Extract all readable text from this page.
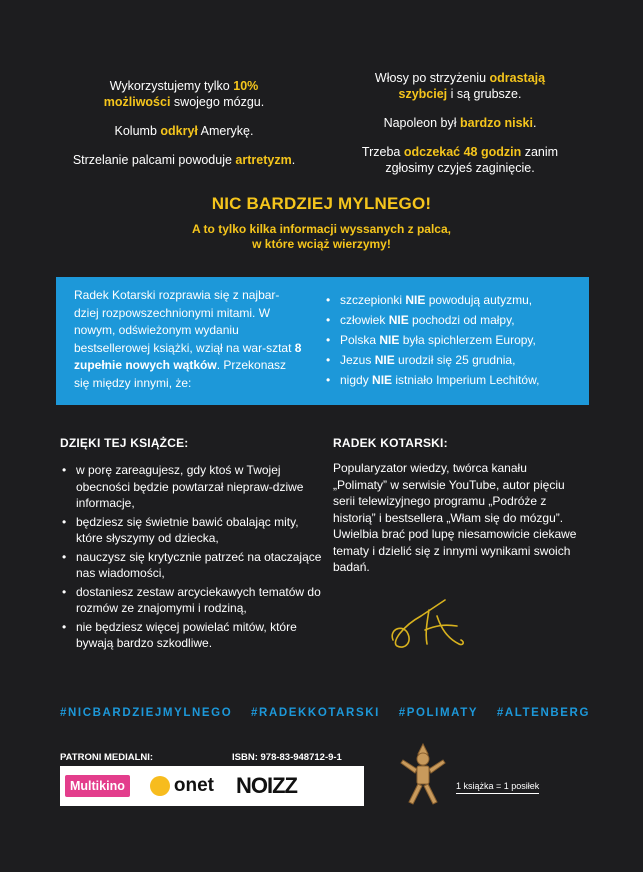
Wykorzystujemy tylko 10%
możliwości swojego mózgu.
Kolumb odkrył Amerykę.
Strzelanie palcami powoduje artretyzm.
Włosy po strzyżeniu odrastają
szybciej i są grubsze.
Napoleon był bardzo niski.
Trzeba odczekać 48 godzin zanim
zgłosimy czyjeś zaginięcie.
NIC BARDZIEJ MYLNEGO!
A to tylko kilka informacji wyssanych z palca,
w które wciąż wierzymy!
Radek Kotarski rozprawia się z najbar-dziej rozpowszechnionymi mitami. W nowym, odświeżonym wydaniu bestsellerowej książki, wziął na war-sztat 8 zupełnie nowych wątków. Przekonasz się między innymi, że:
• szczepionki NIE powodują autyzmu,
• człowiek NIE pochodzi od małpy,
• Polska NIE była spichlerzem Europy,
• Jezus NIE urodził się 25 grudnia,
• nigdy NIE istniało Imperium Lechitów,
DZIĘKI TEJ KSIĄŻCE:
• w porę zareagujesz, gdy ktoś w Twojej obecności będzie powtarzał niepraw-dziwe informacje,
• będziesz się świetnie bawić obalając mity, które słyszymy od dziecka,
• nauczysz się krytycznie patrzeć na otaczające nas wiadomości,
• dostaniesz zestaw arcyciekawych tematów do rozmów ze znajomymi i rodziną,
• nie będziesz więcej powielać mitów, które bywają bardzo szkodliwe.
RADEK KOTARSKI:
Popularyzator wiedzy, twórca kanału „Polimaty” w serwisie YouTube, autor pięciu serii telewizyjnego programu „Podróże z historią” i bestsellera „Włam się do mózgu”. Uwielbia brać pod lupę niesamowicie ciekawe tematy i dzielić się z innymi wynikami swoich badań.
#NICBARDZIEJMYLNEGO #RADEKKOTARSKI #POLIMATY #ALTENBERG
PATRONI MEDIALNI:	ISBN: 978-83-948712-9-1
Multikino	onet NOIZZ	1 książka = 1 posiłek
